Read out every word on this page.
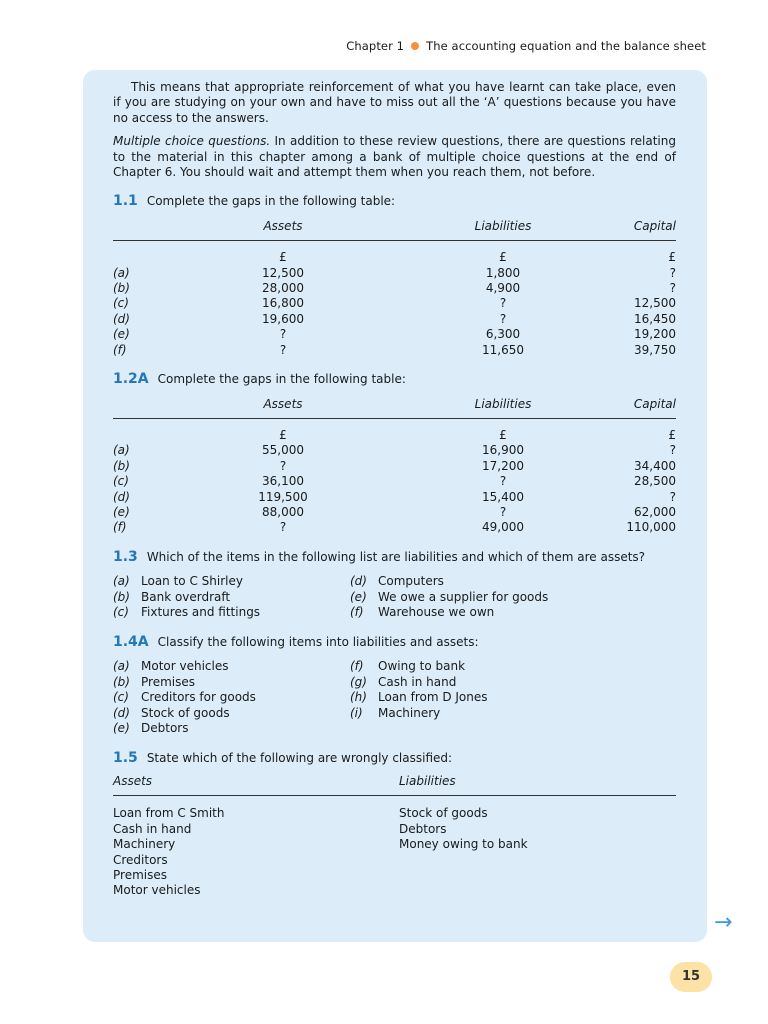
Chapter 1 The accounting equation and the balance sheet

This means that appropriate reinforcement of what you have learnt can take place, even if you are studying on your own and have to miss out all the ‘A’ questions because you have no access to the answers.

Multiple choice questions. In addition to these review questions, there are questions relating to the material in this chapter among a bank of multiple choice questions at the end of Chapter 6. You should wait and attempt them when you reach them, not before.

1.1 Complete the gaps in the following table:
	Assets	Liabilities	Capital
	£	£	£
(a)	12,500	1,800	?
(b)	28,000	4,900	?
(c)	16,800	?	12,500
(d)	19,600	?	16,450
(e)	?	6,300	19,200
(f)	?	11,650	39,750
1.2A Complete the gaps in the following table:
	Assets	Liabilities	Capital
	£	£	£
(a)	55,000	16,900	?
(b)	?	17,200	34,400
(c)	36,100	?	28,500
(d)	119,500	15,400	?
(e)	88,000	?	62,000
(f)	?	49,000	110,000
1.3 Which of the items in the following list are liabilities and which of them are assets?
(a) Loan to C Shirley
(b) Bank overdraft
(c)	Fixtures and fittings
(d) Computers
(e) We owe a supplier for goods
(f)	Warehouse we own
1.4A Classify the following items into liabilities and assets:
(a) Motor vehicles
(b) Premises
(c)	Creditors for goods
(d) Stock of goods
(e) Debtors
(f)	Owing to bank
(g) Cash in hand
(h) Loan from D Jones
(i)	Machinery
1.5 State which of the following are wrongly classified:
Assets	Liabilities
Loan from C Smith	Stock of goods
Cash in hand	Debtors
Machinery	Money owing to bank
Creditors	
Premises	
Motor vehicles	
→
15
